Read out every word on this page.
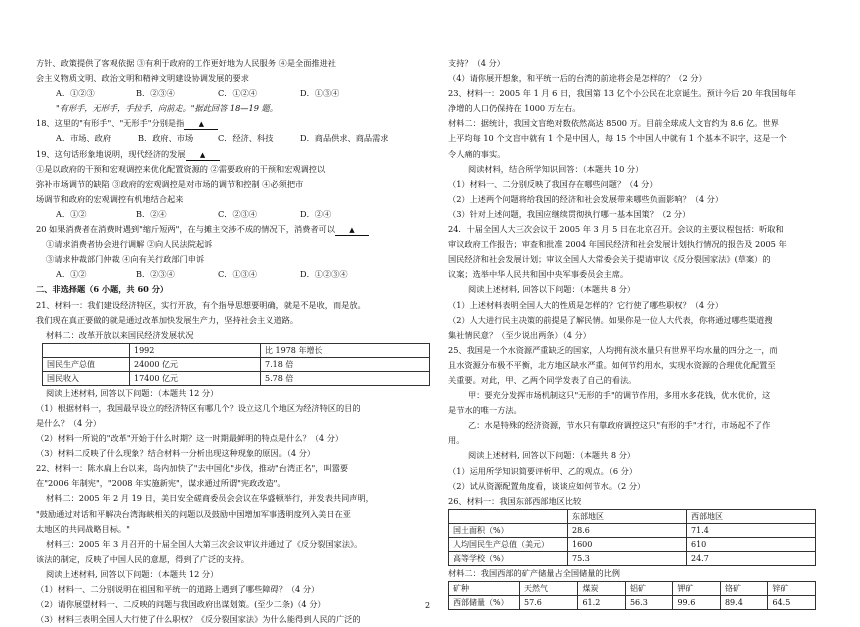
方针、政策提供了客观依据 ③有利于政府的工作更好地为人民服务 ④是全面推进社

会主义物质文明、政治文明和精神文明建设协调发展的要求

A．①②③	B．②③④	C．①②④	D．①③④

"有形手，无形手，手拉手，向前走。"据此回答 18—19 题。

18、这里的"有形手"、"无形手"分别是指 ▲

A．市场、政府	B．政府、市场	C．经济、科技	D．商品供求、商品需求

19、这句话形象地说明，现代经济的发展 ▲

①是以政府的干预和宏观调控来优化配置资源的 ②需要政府的干预和宏观调控以

弥补市场调节的缺陷 ③政府的宏观调控是对市场的调节和控制 ④必须把市

场调节和政府的宏观调控有机地结合起来

A．①②	B．②④	C．②③④	D．②④

20 如果消费者在消费时遇到"缩斤短两"，在与摊主交涉不成的情况下，消费者可以 ▲

①请求消费者协会进行调解 ②向人民法院起诉

③请求仲裁部门仲裁 ④向有关行政部门申诉

A．①②	B．②③④	C．①③④	D．①②③④

二、非选择题（6 小题，共 60 分）

21、材料一：我们建设经济特区，实行开放，有个指导思想要明确，就是不是收，而是放。

我们现在真正要做的就是通过改革加快发展生产力，坚持社会主义道路。

材料二：改革开放以来国民经济发展状况

	1992	比 1978 年增长
国民生产总值	24000 亿元	7.18 倍
国民收入	17400 亿元	5.78 倍

阅读上述材料, 回答以下问题：（本题共 12 分）

（1）根据材料一，我国最早设立的经济特区有哪几个？设立这几个地区为经济特区的目的

是什么？（4 分）

（2）材料一所说的"改革"开始于什么时期？这一时期最鲜明的特点是什么？（4 分）

（3）材料二反映了什么现象？结合材料一分析出现这种现象的原因。（4 分）

22、材料一：陈水扁上台以来，岛内加快了"去中国化"步伐，推动"台湾正名"，叫嚣要

在"2006 年制宪"，"2008 年实施新宪"，谋求通过所谓"宪政改造"。

材料二：2005 年 2 月 19 日，美日安全磋商委员会会议在华盛顿举行，并发表共同声明，

"鼓励通过对话和平解决台湾海峡相关的问题以及鼓励中国增加军事透明度列入美日在亚

太地区的共同战略目标。"

材料三：2005 年 3 月召开的十届全国人大第三次会议审议并通过了《反分裂国家法》。

该法的制定，反映了中国人民的意愿，得到了广泛的支持。

阅读上述材料, 回答以下问题：（本题共 12 分）

（1）材料一、二分别说明在祖国和平统一的道路上遇到了哪些障碍？（4 分）

（2）请你展望材料一、二反映的问题与我国政府出谋划策。(至少二条)（4 分）

（3）材料三表明全国人大行使了什么职权？《反分裂国家法》为什么能得到人民的广泛的

支持？（4 分）

（4）请你展开想象，和平统一后的台湾的前途将会是怎样的？（2 分）

23、材料一：2005 年 1 月 6 日，我国第 13 亿个小公民在北京诞生。预计今后 20 年我国每年

净增的人口仍保持在 1000 万左右。

材料二：据统计，我国文盲绝对数依然高达 8500 万。目前全球成人文盲约为 8.6 亿。世界

上平均每 10 个文盲中就有 1 个是中国人，每 15 个中国人中就有 1 个基本不识字，这是一个

令人痛的事实。

阅读材料，结合所学知识回答：（本题共 10 分）

（1）材料一、二分别反映了我国存在哪些问题？（4 分）

（2）上述两个问题将给我国的经济和社会发展带来哪些负面影响？（4 分）

（3）针对上述问题，我国应继续贯彻执行哪一基本国策？（2 分）

24．十届全国人大三次会议于 2005 年 3 月 5 日在北京召开。会议的主要议程包括：听取和

审议政府工作报告；审查和批准 2004 年国民经济和社会发展计划执行情况的报告及 2005 年

国民经济和社会发展计划；审议全国人大常委会关于提请审议《反分裂国家法》(草案）的

议案；选举中华人民共和国中央军事委员会主席。

阅读上述材料, 回答以下问题：（本题共 8 分）

（1）上述材料表明全国人大的性质是怎样的？它行使了哪些职权？（4 分）

（2）人大进行民主决策的前提是了解民情。如果你是一位人大代表，你将通过哪些渠道搜

集社情民意？（至少说出两条）（4 分）

25、我国是一个水资源严重缺乏的国家，人均拥有淡水量只有世界平均水量的四分之一，而

且水资源分布极不平衡，北方地区缺水严重。如何节约用水，实现水资源的合理优化配置至

关重要。对此，甲、乙两个同学发表了自己的看法。

甲：要充分发挥市场机制这只"无形的手"的调节作用，多用水多花钱，优水优价，这

是节水的唯一方法。

乙：水是特殊的经济资源，节水只有靠政府调控这只"有形的手"才行，市场起不了作

用。

阅读上述材料, 回答以下问题：（本题共 8 分）

（1）运用所学知识简要评析甲、乙的观点。（6 分）

（2）试从资源配置角度看，谈谈应如何节水。（2 分）

26、材料一：我国东部西部地区比较

	东部地区	西部地区
国土面积（%）	28.6	71.4
人均国民生产总值（美元）	1600	610
高等学校（%）	75.3	24.7

材料二：我国西部的矿产储量占全国储量的比例

矿种	天然气	煤炭	铝矿	钾矿	铬矿	锌矿
西部储量（%）	57.6	61.2	56.3	99.6	89.4	64.5
2
